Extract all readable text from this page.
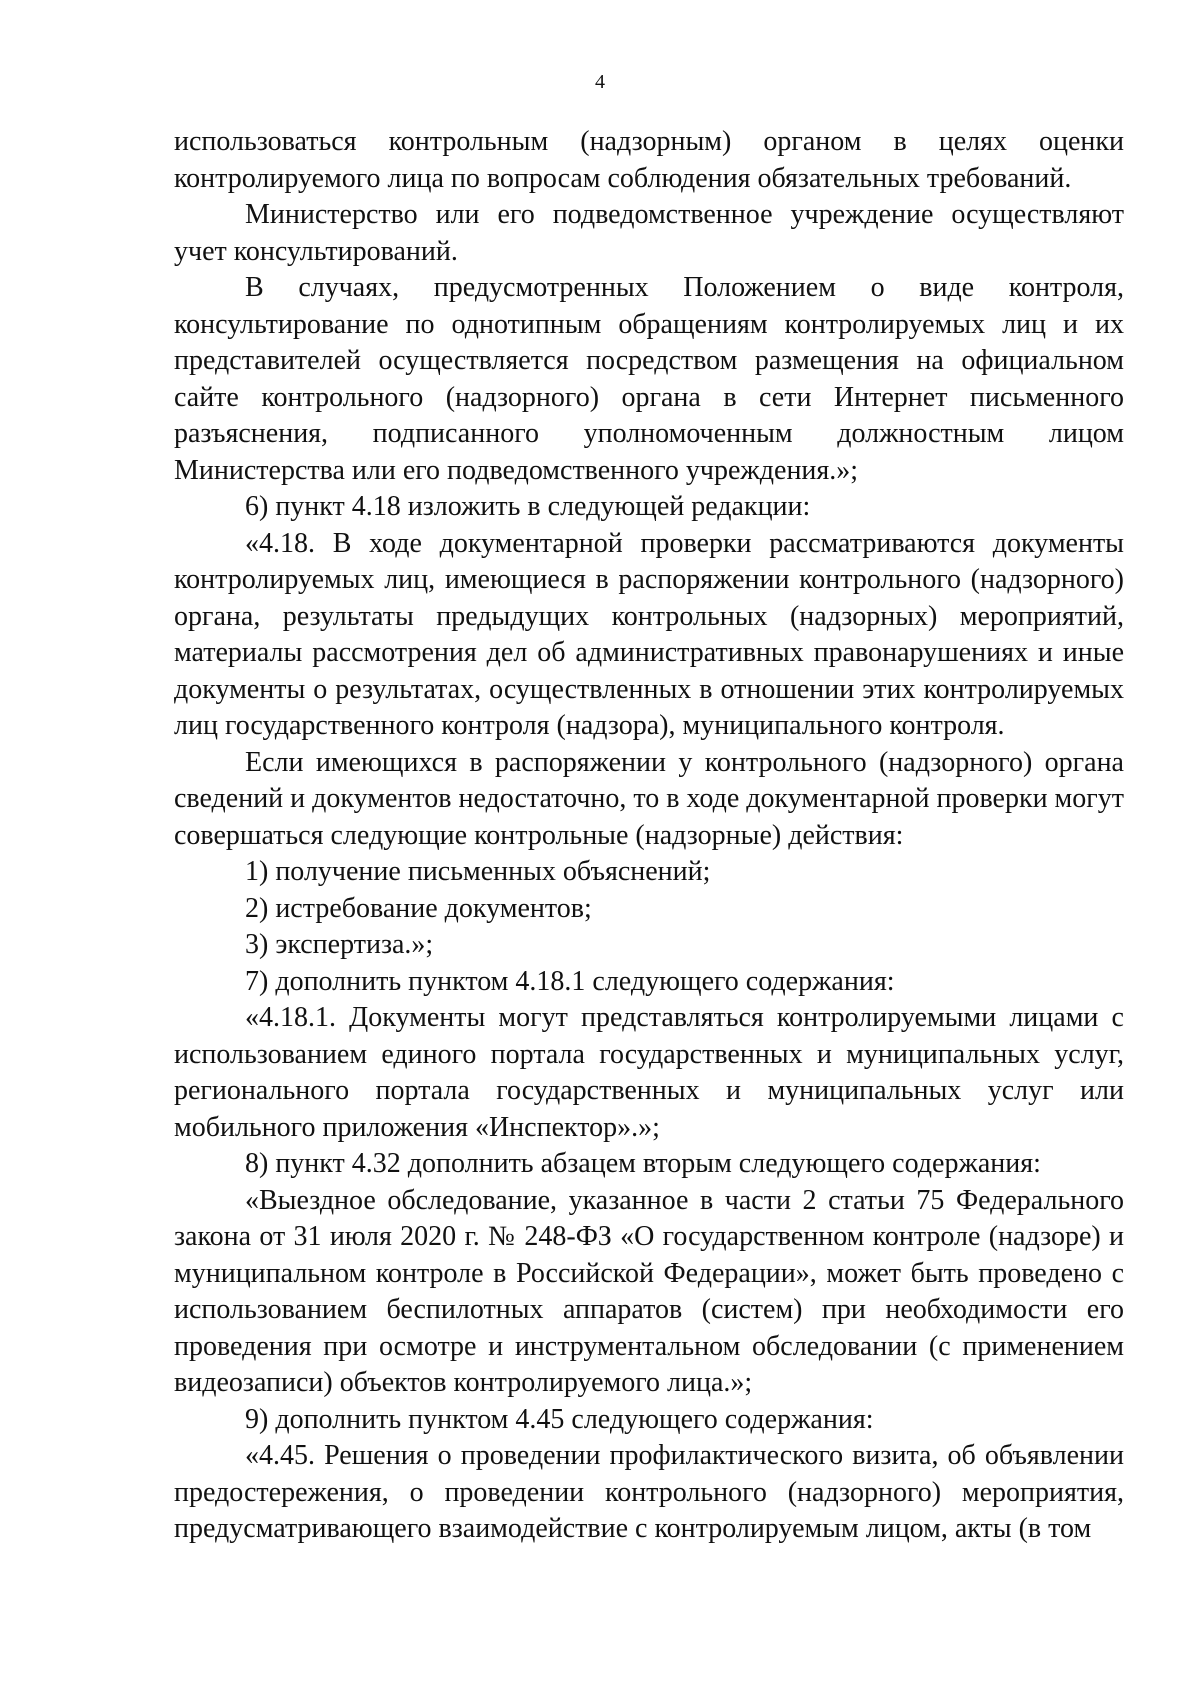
4

использоваться контрольным (надзорным) органом в целях оценки контролируемого лица по вопросам соблюдения обязательных требований.

Министерство или его подведомственное учреждение осуществляют учет консультирований.

В случаях, предусмотренных Положением о виде контроля, консультирование по однотипным обращениям контролируемых лиц и их представителей осуществляется посредством размещения на официальном сайте контрольного (надзорного) органа в сети Интернет письменного разъяснения, подписанного уполномоченным должностным лицом Министерства или его подведомственного учреждения.»;

6) пункт 4.18 изложить в следующей редакции:

«4.18. В ходе документарной проверки рассматриваются документы контролируемых лиц, имеющиеся в распоряжении контрольного (надзорного) органа, результаты предыдущих контрольных (надзорных) мероприятий, материалы рассмотрения дел об административных правонарушениях и иные документы о результатах, осуществленных в отношении этих контролируемых лиц государственного контроля (надзора), муниципального контроля.

Если имеющихся в распоряжении у контрольного (надзорного) органа сведений и документов недостаточно, то в ходе документарной проверки могут совершаться следующие контрольные (надзорные) действия:

1) получение письменных объяснений;

2) истребование документов;

3) экспертиза.»;

7) дополнить пунктом 4.18.1 следующего содержания:

«4.18.1. Документы могут представляться контролируемыми лицами с использованием единого портала государственных и муниципальных услуг, регионального портала государственных и муниципальных услуг или мобильного приложения «Инспектор».»;

8) пункт 4.32 дополнить абзацем вторым следующего содержания:

«Выездное обследование, указанное в части 2 статьи 75 Федерального закона от 31 июля 2020 г. № 248-ФЗ «О государственном контроле (надзоре) и муниципальном контроле в Российской Федерации», может быть проведено с использованием беспилотных аппаратов (систем) при необходимости его проведения при осмотре и инструментальном обследовании (с применением видеозаписи) объектов контролируемого лица.»;

9) дополнить пунктом 4.45 следующего содержания:

«4.45. Решения о проведении профилактического визита, об объявлении предостережения, о проведении контрольного (надзорного) мероприятия, предусматривающего взаимодействие с контролируемым лицом, акты (в том
